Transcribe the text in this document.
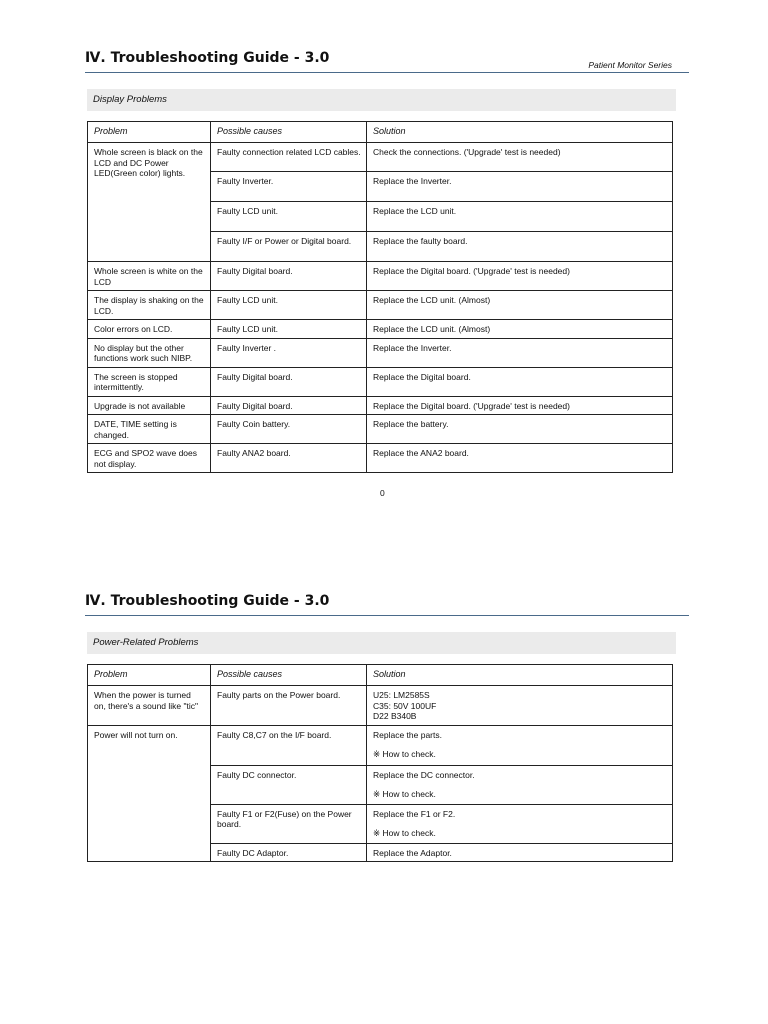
Ⅳ. Troubleshooting Guide - 3.0	Patient Monitor Series
Display Problems
Problem	Possible causes	Solution
Whole screen is black on the LCD and DC Power LED(Green color) lights.	Faulty connection related LCD cables.	Check the connections. ('Upgrade' test is needed)
	Faulty Inverter.	Replace the Inverter.
	Faulty LCD unit.	Replace the LCD unit.
	Faulty I/F or Power or Digital board.	Replace the faulty board.
Whole screen is white on the LCD	Faulty Digital board.	Replace the Digital board. ('Upgrade' test is needed)
The display is shaking on the LCD.	Faulty LCD unit.	Replace the LCD unit. (Almost)
Color errors on LCD.	Faulty LCD unit.	Replace the LCD unit. (Almost)
No display but the other functions work such NIBP.	Faulty Inverter .	Replace the Inverter.
The screen is stopped intermittently.	Faulty Digital board.	Replace the Digital board.
Upgrade is not available	Faulty Digital board.	Replace the Digital board. ('Upgrade' test is needed)
DATE, TIME setting is changed.	Faulty Coin battery.	Replace the battery.
ECG and SPO2 wave does not display.	Faulty ANA2 board.	Replace the ANA2 board.
0
Ⅳ. Troubleshooting Guide - 3.0
Power-Related Problems
Problem	Possible causes	Solution
When the power is turned on, there's a sound like "tic"	Faulty parts on the Power board.	U25: LM2585S
C35: 50V 100UF
D22 B340B

Power will not turn on.	Faulty C8,C7 on the I/F board.	Replace the parts.
※ How to check.

	Faulty DC connector.	Replace the DC connector.
※ How to check.

	Faulty F1 or F2(Fuse) on the Power board.	Replace the F1 or F2.
※ How to check.

	Faulty DC Adaptor.	Replace the Adaptor.
